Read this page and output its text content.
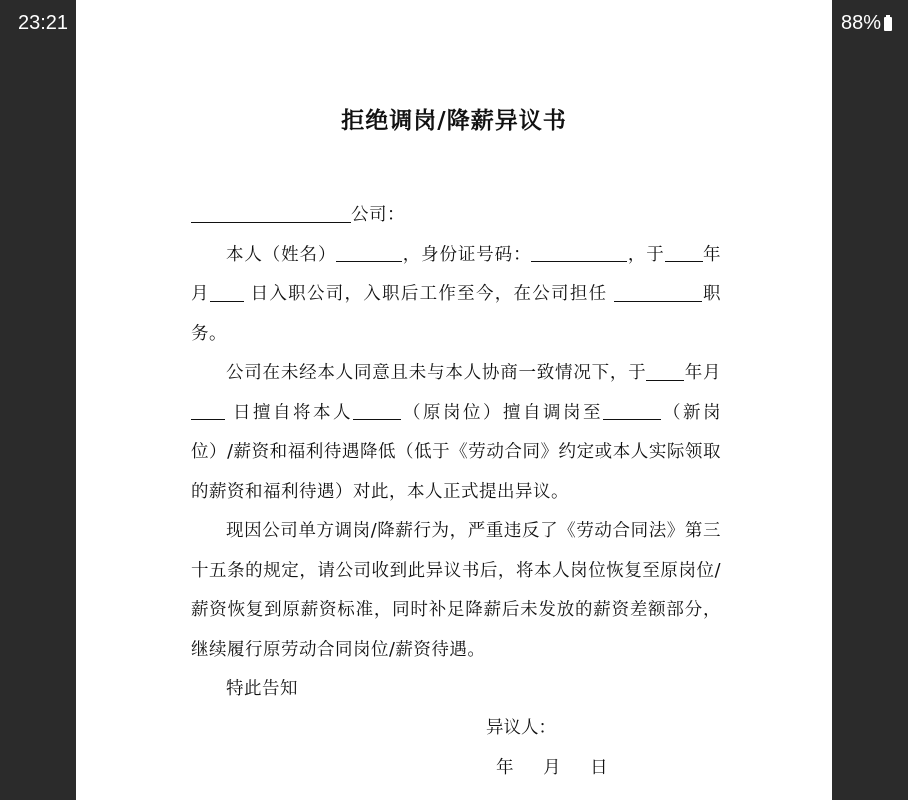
23:21	88%
拒绝调岗/降薪异议书

公司：

本人（姓名）	，身份证号码：	，于 年月 日入职公司，入职后工作至今，在公司担任	职务。

公司在未经本人同意且未与本人协商一致情况下，于 年月 日擅自将本人	（原岗位）擅自调岗至	（新岗位）/薪资和福利待遇降低（低于《劳动合同》约定或本人实际领取的薪资和福利待遇）对此，本人正式提出异议。

现因公司单方调岗/降薪行为，严重违反了《劳动合同法》第三十五条的规定，请公司收到此异议书后，将本人岗位恢复至原岗位/薪资恢复到原薪资标准，同时补足降薪后未发放的薪资差额部分，继续履行原劳动合同岗位/薪资待遇。

特此告知

异议人：
年 月 日
